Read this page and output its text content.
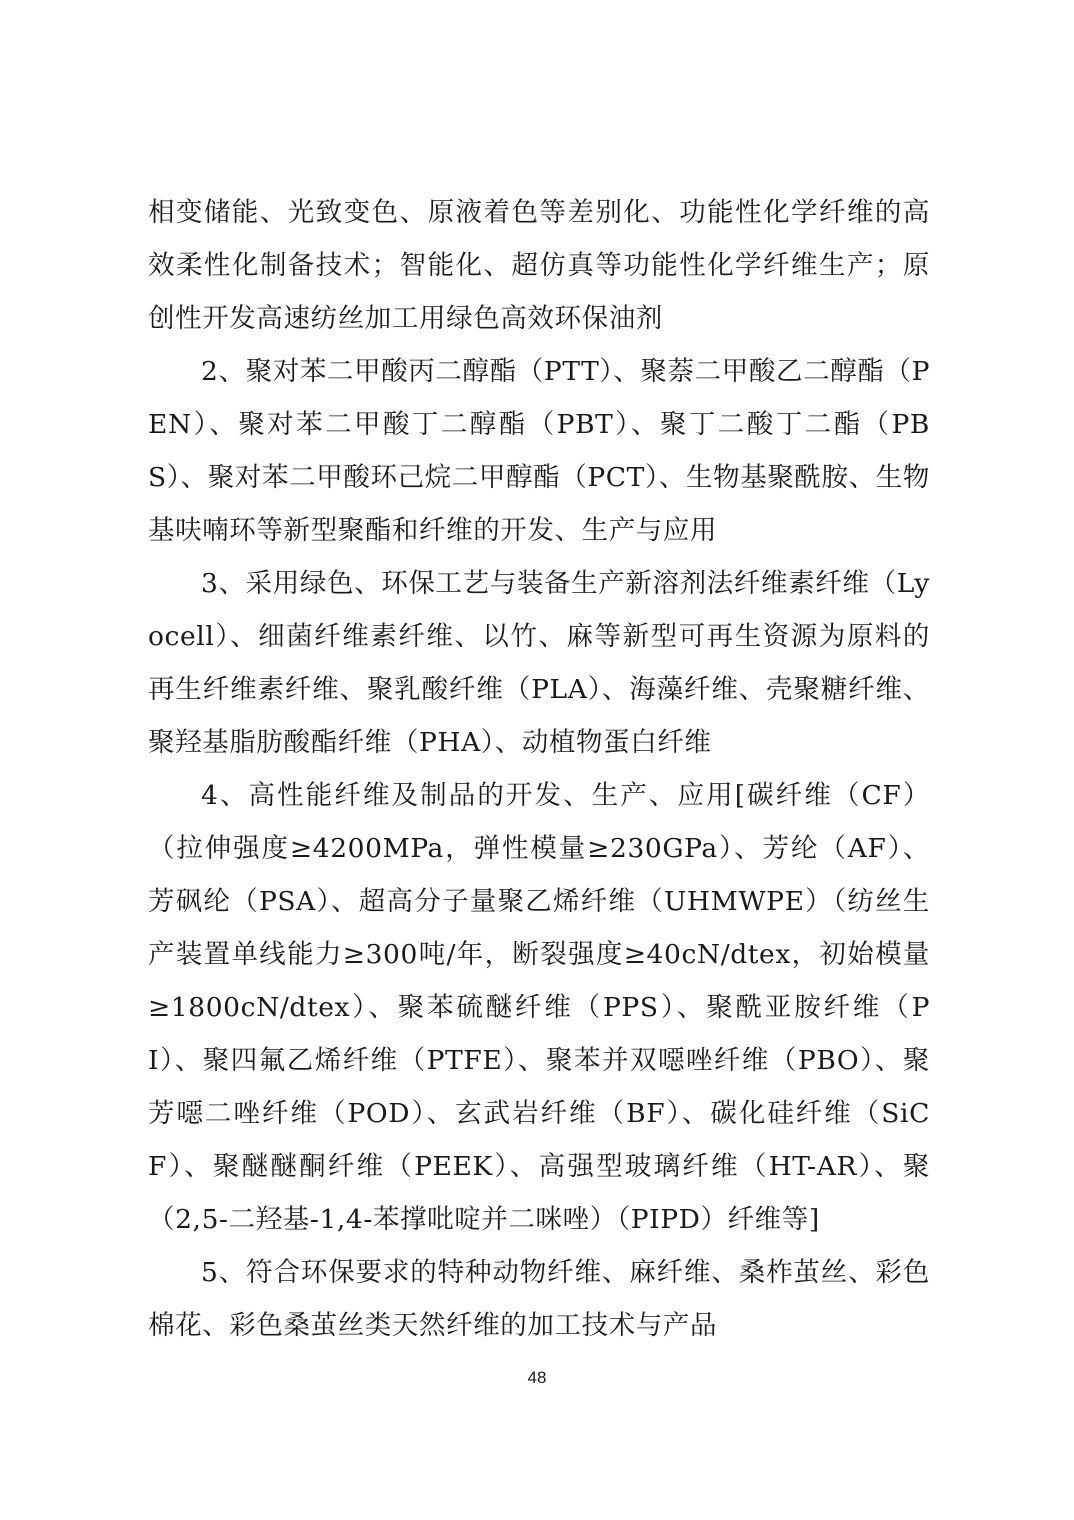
相变储能、光致变色、原液着色等差别化、功能性化学纤维的高效柔性化制备技术；智能化、超仿真等功能性化学纤维生产；原创性开发高速纺丝加工用绿色高效环保油剂

2、聚对苯二甲酸丙二醇酯（PTT）、聚萘二甲酸乙二醇酯（PEN）、聚对苯二甲酸丁二醇酯（PBT）、聚丁二酸丁二酯（PBS）、聚对苯二甲酸环己烷二甲醇酯（PCT）、生物基聚酰胺、生物基呋喃环等新型聚酯和纤维的开发、生产与应用

3、采用绿色、环保工艺与装备生产新溶剂法纤维素纤维（Lyocell）、细菌纤维素纤维、以竹、麻等新型可再生资源为原料的再生纤维素纤维、聚乳酸纤维（PLA）、海藻纤维、壳聚糖纤维、聚羟基脂肪酸酯纤维（PHA）、动植物蛋白纤维

4、高性能纤维及制品的开发、生产、应用[碳纤维（CF）（拉伸强度≥4200MPa，弹性模量≥230GPa）、芳纶（AF）、芳砜纶（PSA）、超高分子量聚乙烯纤维（UHMWPE）（纺丝生产装置单线能力≥300吨/年，断裂强度≥40cN/dtex，初始模量≥1800cN/dtex）、聚苯硫醚纤维（PPS）、聚酰亚胺纤维（PI）、聚四氟乙烯纤维（PTFE）、聚苯并双噁唑纤维（PBO）、聚芳噁二唑纤维（POD）、玄武岩纤维（BF）、碳化硅纤维（SiCF）、聚醚醚酮纤维（PEEK）、高强型玻璃纤维（HT-AR）、聚（2,5-二羟基-1,4-苯撑吡啶并二咪唑）（PIPD）纤维等]

5、符合环保要求的特种动物纤维、麻纤维、桑柞茧丝、彩色棉花、彩色桑茧丝类天然纤维的加工技术与产品

48
